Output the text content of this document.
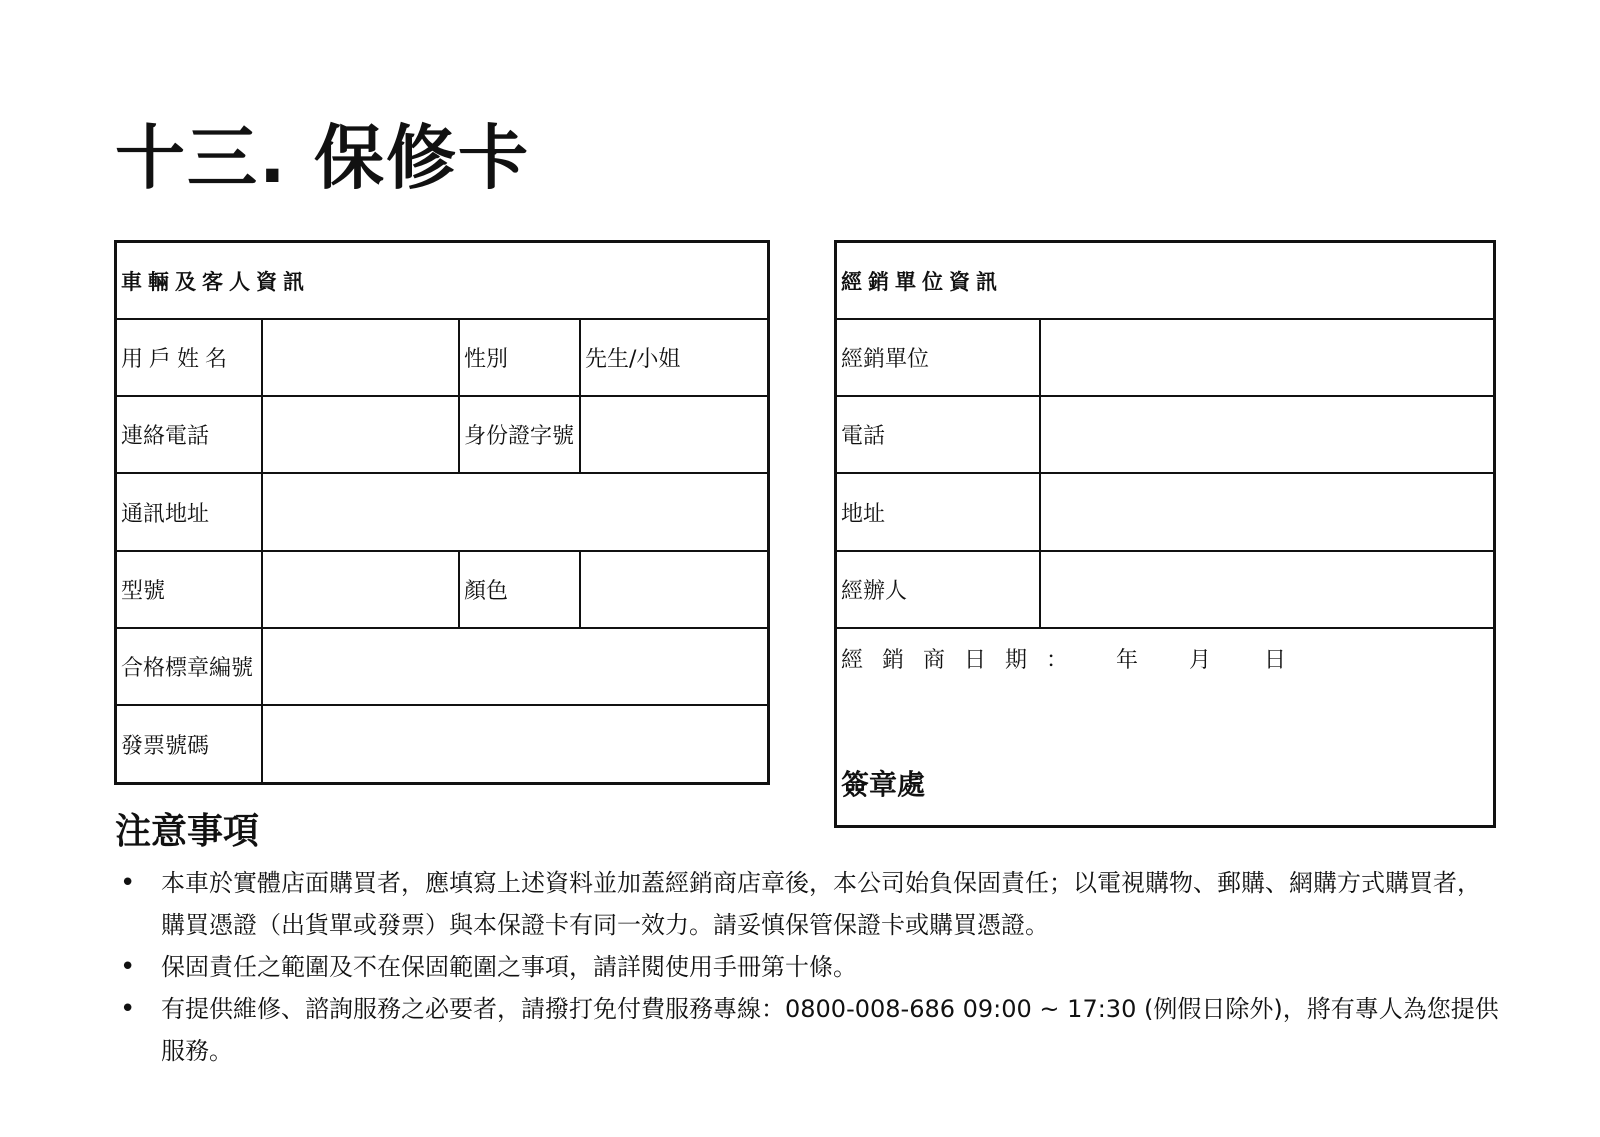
十三. 保修卡
車輛及客人資訊
用戶姓名	性別	先生/小姐
連絡電話	身份證字號
通訊地址
型號	顏色
合格標章編號
發票號碼
經銷單位資訊
經銷單位
電話
地址
經辦人
經銷商日期： 年 月 日
簽章處
注意事項
• 本車於實體店面購買者，應填寫上述資料並加蓋經銷商店章後，本公司始負保固責任；以電視購物、郵購、網購方式購買者，購買憑證（出貨單或發票）與本保證卡有同一效力。請妥慎保管保證卡或購買憑證。
• 保固責任之範圍及不在保固範圍之事項，請詳閱使用手冊第十條。
• 有提供維修、諮詢服務之必要者，請撥打免付費服務專線：0800-008-686 09:00 ~ 17:30 (例假日除外)，將有專人為您提供服務。
